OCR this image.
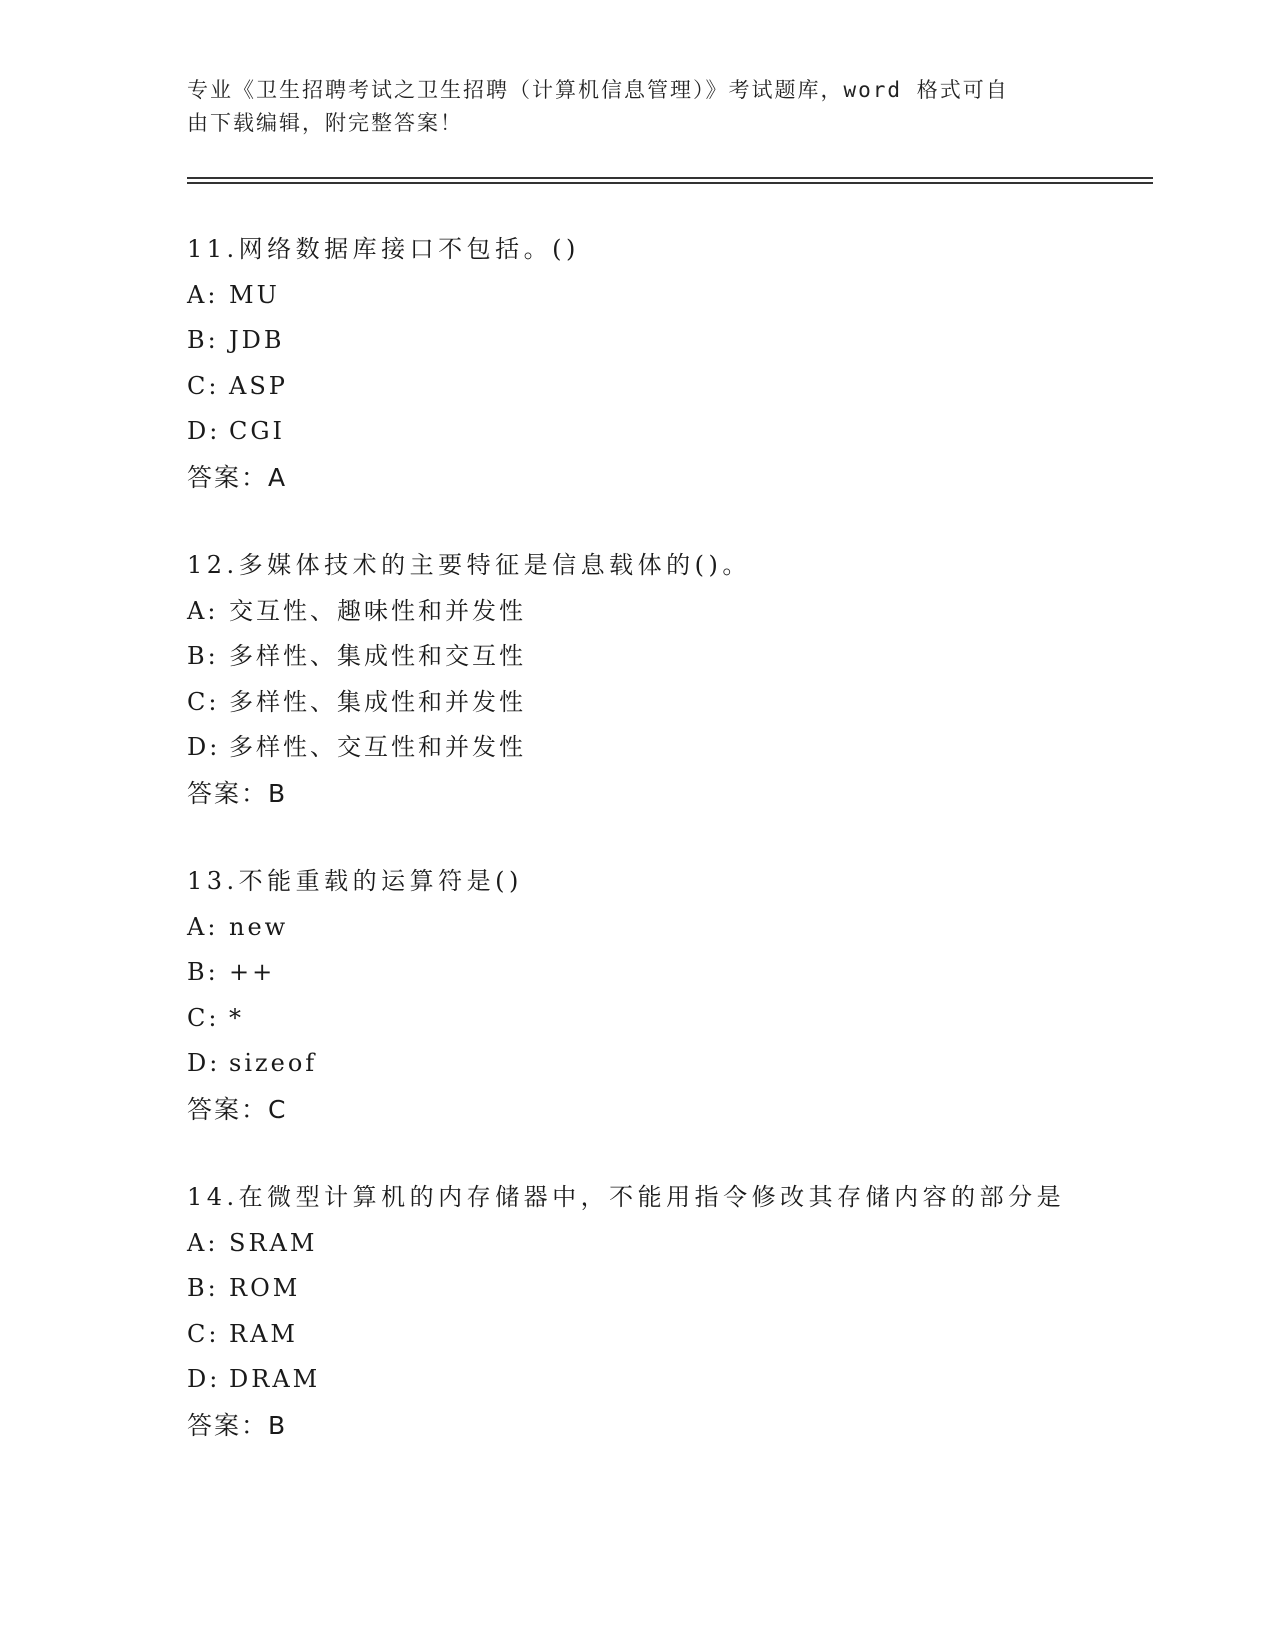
专业《卫生招聘考试之卫生招聘（计算机信息管理）》考试题库，word 格式可自
由下载编辑，附完整答案！
11.网络数据库接口不包括。()
A: MU
B: JDB
C: ASP
D: CGI
答案：A
12.多媒体技术的主要特征是信息载体的()。
A: 交互性、趣味性和并发性
B: 多样性、集成性和交互性
C: 多样性、集成性和并发性
D: 多样性、交互性和并发性
答案：B
13.不能重载的运算符是()
A: new
B: ++
C: *
D: sizeof
答案：C
14.在微型计算机的内存储器中，不能用指令修改其存储内容的部分是
A: SRAM
B: ROM
C: RAM
D: DRAM
答案：B
